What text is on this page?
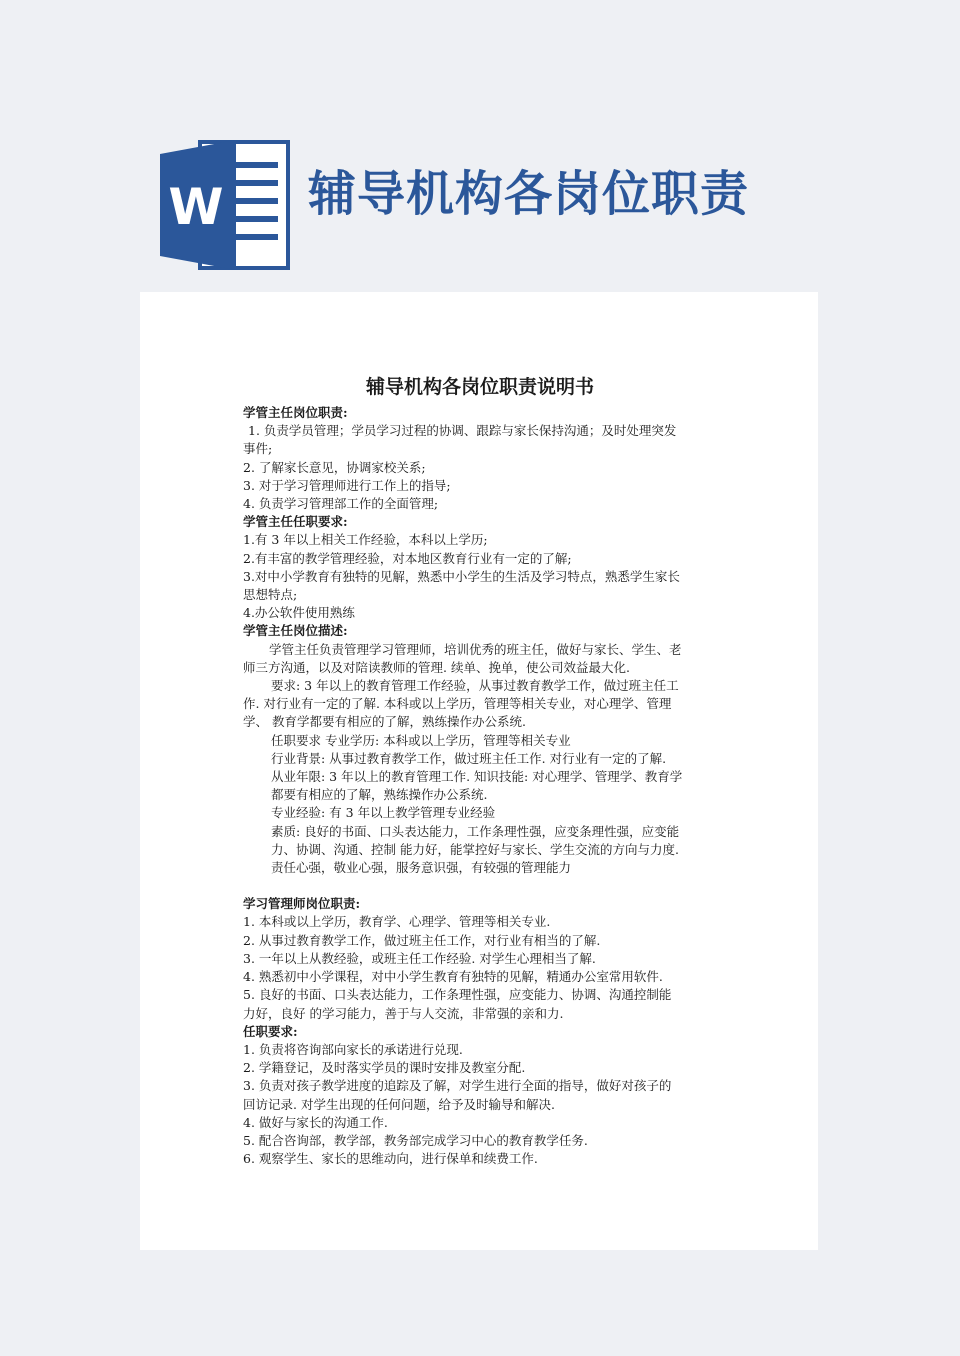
W 辅导机构各岗位职责
辅导机构各岗位职责说明书
学管主任岗位职责:
1. 负责学员管理；学员学习过程的协调、跟踪与家长保持沟通；及时处理突发
事件;
2. 了解家长意见，协调家校关系;
3. 对于学习管理师进行工作上的指导;
4. 负责学习管理部工作的全面管理;
学管主任任职要求:
1.有 3 年以上相关工作经验，本科以上学历;
2.有丰富的教学管理经验，对本地区教育行业有一定的了解;
3.对中小学教育有独特的见解，熟悉中小学生的生活及学习特点，熟悉学生家长
思想特点;
4.办公软件使用熟练
学管主任岗位描述:
学管主任负责管理学习管理师，培训优秀的班主任，做好与家长、学生、老
师三方沟通，以及对陪读教师的管理. 续单、挽单，使公司效益最大化.
要求: 3 年以上的教育管理工作经验，从事过教育教学工作，做过班主任工
作. 对行业有一定的了解. 本科或以上学历，管理等相关专业，对心理学、管理
学、 教育学都要有相应的了解，熟练操作办公系统.
任职要求 专业学历: 本科或以上学历，管理等相关专业
行业背景: 从事过教育教学工作，做过班主任工作. 对行业有一定的了解.
从业年限: 3 年以上的教育管理工作. 知识技能: 对心理学、管理学、教育学
都要有相应的了解，熟练操作办公系统.
专业经验: 有 3 年以上教学管理专业经验
素质: 良好的书面、口头表达能力，工作条理性强，应变条理性强，应变能
力、协调、沟通、控制 能力好，能掌控好与家长、学生交流的方向与力度.
责任心强，敬业心强，服务意识强，有较强的管理能力
学习管理师岗位职责:
1. 本科或以上学历，教育学、心理学、管理等相关专业.
2. 从事过教育教学工作，做过班主任工作，对行业有相当的了解.
3. 一年以上从教经验，或班主任工作经验. 对学生心理相当了解.
4. 熟悉初中小学课程，对中小学生教育有独特的见解，精通办公室常用软件.
5. 良好的书面、口头表达能力，工作条理性强，应变能力、协调、沟通控制能
力好，良好 的学习能力，善于与人交流，非常强的亲和力.
任职要求:
1. 负责将咨询部向家长的承诺进行兑现.
2. 学籍登记，及时落实学员的课时安排及教室分配.
3. 负责对孩子教学进度的追踪及了解，对学生进行全面的指导，做好对孩子的
回访记录. 对学生出现的任何问题，给予及时输导和解决.
4. 做好与家长的沟通工作.
5. 配合咨询部，教学部，教务部完成学习中心的教育教学任务.
6. 观察学生、家长的思维动向，进行保单和续费工作.
